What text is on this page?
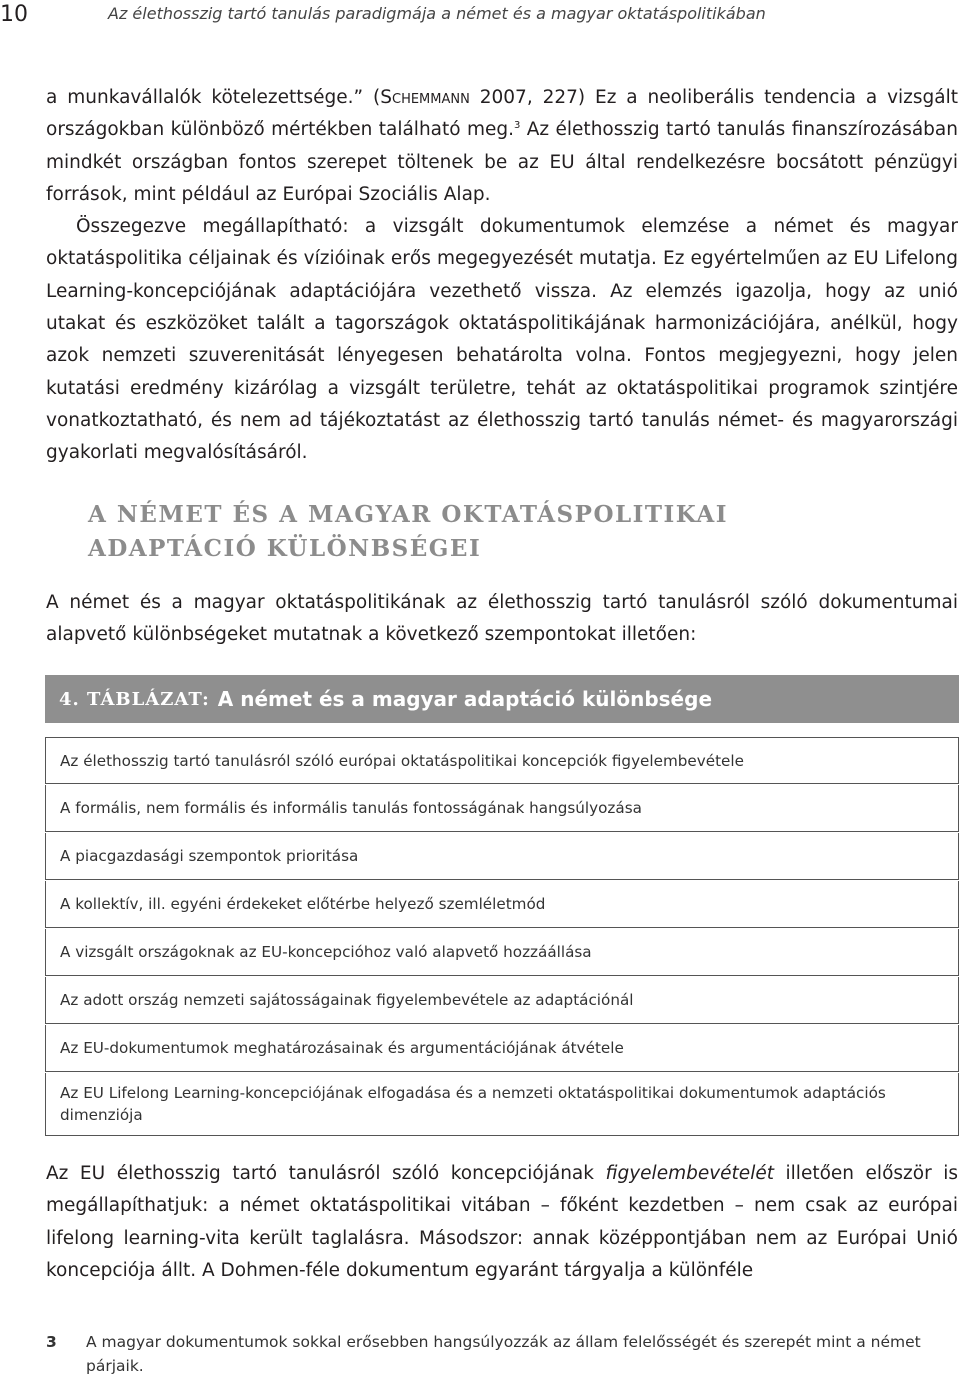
10	Az élethosszig tartó tanulás paradigmája a német és a magyar oktatáspolitikában
a munkavállalók kötelezettsége.” (Schemmann 2007, 227) Ez a neoliberális tendencia a vizsgált országokban különböző mértékben található meg.$^3$ Az élethosszig tartó tanulás finanszírozásában mindkét országban fontos szerepet töltenek be az EU által rendelkezésre bocsátott pénzügyi források, mint például az Európai Szociális Alap.
Összegezve megállapítható: a vizsgált dokumentumok elemzése a német és magyar oktatáspolitika céljainak és vízióinak erős megegyezését mutatja. Ez egyértelműen az EU Lifelong Learning-koncepciójának adaptációjára vezethető vissza. Az elemzés igazolja, hogy az unió utakat és eszközöket talált a tagországok oktatáspolitikájának harmonizációjára, anélkül, hogy azok nemzeti szuverenitását lényegesen behatárolta volna. Fontos megjegyezni, hogy jelen kutatási eredmény kizárólag a vizsgált területre, tehát az oktatáspolitikai programok szintjére vonatkoztatható, és nem ad tájékoztatást az élethosszig tartó tanulás német- és magyarországi gyakorlati megvalósításáról.
A NÉMET ÉS A MAGYAR OKTATÁSPOLITIKAI
ADAPTÁCIÓ KÜLÖNBSÉGEI
A német és a magyar oktatáspolitikának az élethosszig tartó tanulásról szóló dokumentumai alapvető különbségeket mutatnak a következő szempontokat illetően:
4. TÁBLÁZAT: A német és a magyar adaptáció különbsége
Az élethosszig tartó tanulásról szóló európai oktatáspolitikai koncepciók figyelembevétele
A formális, nem formális és informális tanulás fontosságának hangsúlyozása
A piacgazdasági szempontok prioritása
A kollektív, ill. egyéni érdekeket előtérbe helyező szemléletmód
A vizsgált országoknak az EU-koncepcióhoz való alapvető hozzáállása
Az adott ország nemzeti sajátosságainak figyelembevétele az adaptációnál
Az EU-dokumentumok meghatározásainak és argumentációjának átvétele
Az EU Lifelong Learning-koncepciójának elfogadása és a nemzeti oktatáspolitikai dokumentumok adaptációs dimenziója
Az EU élethosszig tartó tanulásról szóló koncepciójának figyelembevételét illetően először is megállapíthatjuk: a német oktatáspolitikai vitában – főként kezdetben – nem csak az európai lifelong learning-vita került taglalásra. Másodszor: annak középpontjában nem az Európai Unió koncepciója állt. A Dohmen-féle dokumentum egyaránt tárgyalja a különféle
3 A magyar dokumentumok sokkal erősebben hangsúlyozzák az állam felelősségét és szerepét mint a német párjaik.
